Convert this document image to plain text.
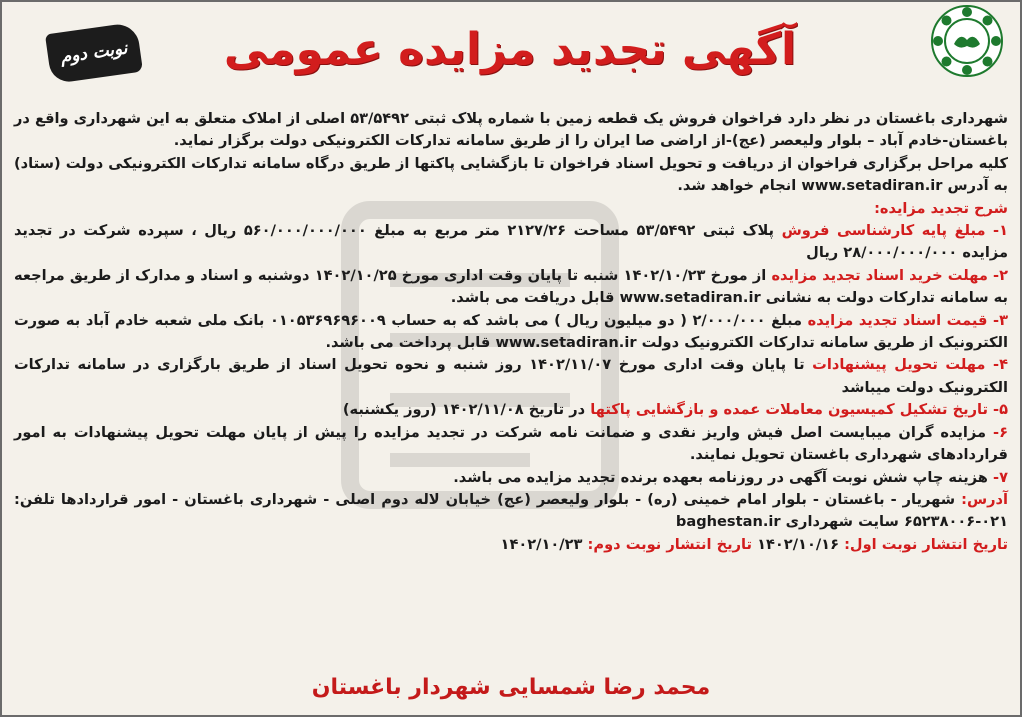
نوبت دوم	آگهی تجدید مزایده عمومی

شهرداری باغستان در نظر دارد فراخوان فروش یک قطعه زمین با شماره پلاک ثبتی ۵۳/۵۴۹۲ اصلی از املاک متعلق به این شهرداری واقع در باغستان-خادم آباد – بلوار ولیعصر (عج)-از اراضی صا ایران را از طریق سامانه تدارکات الکترونیکی دولت برگزار نماید.

کلیه مراحل برگزاری فراخوان از دریافت و تحویل اسناد فراخوان تا بازگشایی پاکتها از طریق درگاه سامانه تدارکات الکترونیکی دولت (ستاد) به آدرس www.setadiran.ir انجام خواهد شد.

شرح تجدید مزایده:

۱- مبلغ پایه کارشناسی فروش پلاک ثبتی ۵۳/۵۴۹۲ مساحت ۲۱۲۷/۲۶ متر مربع به مبلغ ۵۶۰/۰۰۰/۰۰۰/۰۰۰ ریال ، سپرده شرکت در تجدید مزایده ۲۸/۰۰۰/۰۰۰/۰۰۰ ریال

۲- مهلت خرید اسناد تجدید مزایده از مورخ ۱۴۰۲/۱۰/۲۳ شنبه تا پایان وقت اداری مورخ ۱۴۰۲/۱۰/۲۵ دوشنبه و اسناد و مدارک از طریق مراجعه به سامانه تدارکات دولت به نشانی www.setadiran.ir قابل دریافت می باشد.

۳- قیمت اسناد تجدید مزایده مبلغ ۲/۰۰۰/۰۰۰ ( دو میلیون ریال ) می باشد که به حساب ۰۱۰۵۳۶۹۶۹۶۰۰۹ بانک ملی شعبه خادم آباد به صورت الکترونیک از طریق سامانه تدارکات الکترونیک دولت www.setadiran.ir قابل پرداخت می باشد.

۴- مهلت تحویل پیشنهادات تا پایان وقت اداری مورخ ۱۴۰۲/۱۱/۰۷ روز شنبه و نحوه تحویل اسناد از طریق بارگزاری در سامانه تدارکات الکترونیک دولت میباشد

۵- تاریخ تشکیل کمیسیون معاملات عمده و بازگشایی پاکتها در تاریخ ۱۴۰۲/۱۱/۰۸ (روز یکشنبه)

۶- مزایده گران میبایست اصل فیش واریز نقدی و ضمانت نامه شرکت در تجدید مزایده را پیش از پایان مهلت تحویل پیشنهادات به امور قراردادهای شهرداری باغستان تحویل نمایند.

۷- هزینه چاپ شش نوبت آگهی در روزنامه بعهده برنده تجدید مزایده می باشد.

آدرس: شهریار - باغستان - بلوار امام خمینی (ره) - بلوار ولیعصر (عج) خیابان لاله دوم اصلی - شهرداری باغستان - امور قراردادها تلفن: ۰۲۱-۶۵۲۳۸۰۰۶ سایت شهرداری baghestan.ir

تاریخ انتشار نوبت اول: ۱۴۰۲/۱۰/۱۶ تاریخ انتشار نوبت دوم: ۱۴۰۲/۱۰/۲۳

محمد رضا شمسایی شهردار باغستان
